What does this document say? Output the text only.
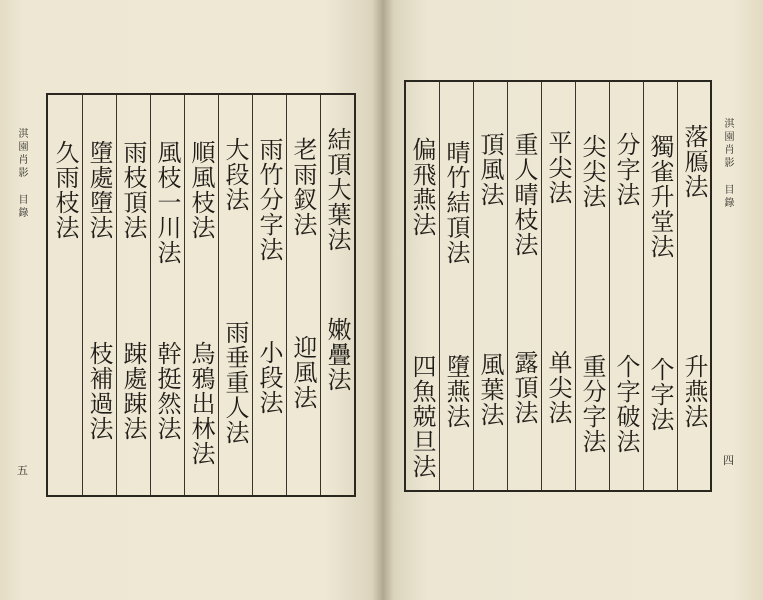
淇園肖影 目錄
五
結頂大葉法
嫩疊法
老雨釵法
迎風法
雨竹分字法
小段法
大段法
雨垂重人法
順風枝法
烏鴉出林法
風枝一川法
幹挺然法
雨枝頂法
踈處踈法
墮處墮法
枝補過法
久雨枝法	淇園肖影 目錄
四
落鴈法
升燕法
獨雀升堂法
个字法
分字法
个字破法
尖尖法
重分字法
平尖法
单尖法
重人晴枝法
露頂法
頂風法
風葉法
晴竹結頂法
墮燕法
偏飛燕法
四魚兢旦法
